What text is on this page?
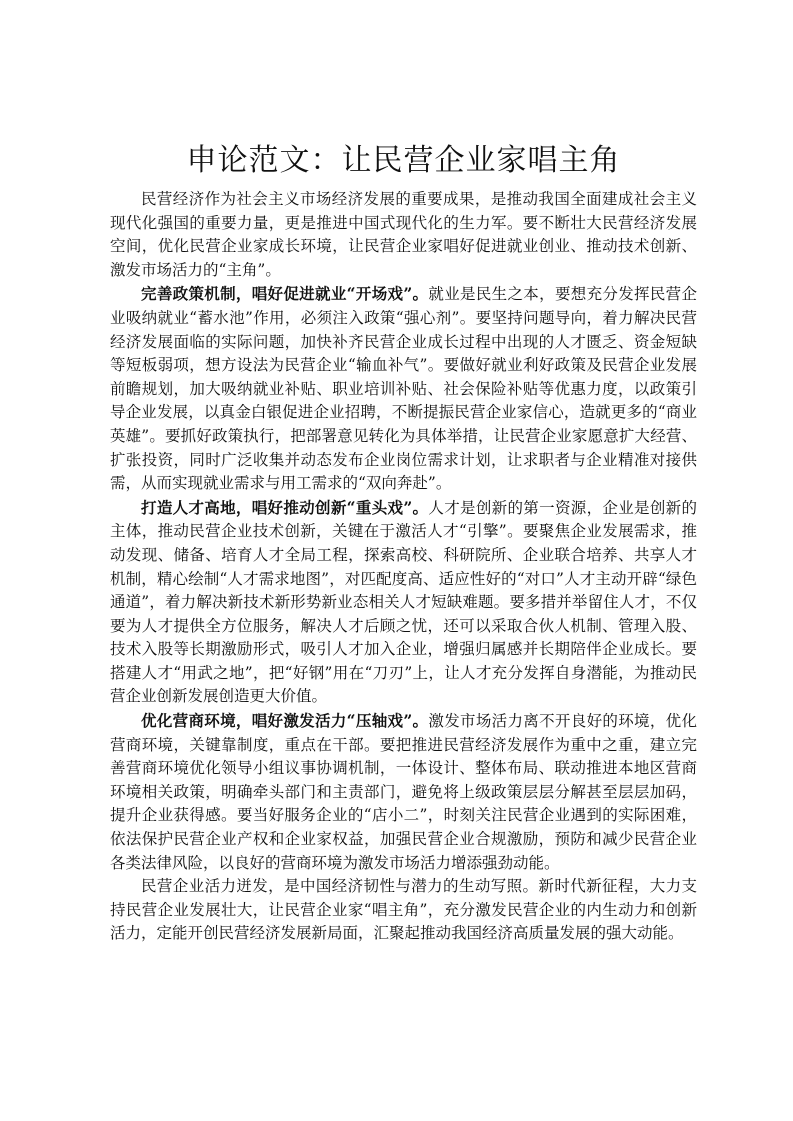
申论范文：让民营企业家唱主角

民营经济作为社会主义市场经济发展的重要成果，是推动我国全面建成社会主义现代化强国的重要力量，更是推进中国式现代化的生力军。要不断壮大民营经济发展空间，优化民营企业家成长环境，让民营企业家唱好促进就业创业、推动技术创新、激发市场活力的“主角”。

完善政策机制，唱好促进就业“开场戏”。就业是民生之本，要想充分发挥民营企业吸纳就业“蓄水池”作用，必须注入政策“强心剂”。要坚持问题导向，着力解决民营经济发展面临的实际问题，加快补齐民营企业成长过程中出现的人才匮乏、资金短缺等短板弱项，想方设法为民营企业“输血补气”。要做好就业利好政策及民营企业发展前瞻规划，加大吸纳就业补贴、职业培训补贴、社会保险补贴等优惠力度，以政策引导企业发展，以真金白银促进企业招聘，不断提振民营企业家信心，造就更多的“商业英雄”。要抓好政策执行，把部署意见转化为具体举措，让民营企业家愿意扩大经营、扩张投资，同时广泛收集并动态发布企业岗位需求计划，让求职者与企业精准对接供需，从而实现就业需求与用工需求的“双向奔赴”。

打造人才高地，唱好推动创新“重头戏”。人才是创新的第一资源，企业是创新的主体，推动民营企业技术创新，关键在于激活人才“引擎”。要聚焦企业发展需求，推动发现、储备、培育人才全局工程，探索高校、科研院所、企业联合培养、共享人才机制，精心绘制“人才需求地图”，对匹配度高、适应性好的“对口”人才主动开辟“绿色通道”，着力解决新技术新形势新业态相关人才短缺难题。要多措并举留住人才，不仅要为人才提供全方位服务，解决人才后顾之忧，还可以采取合伙人机制、管理入股、技术入股等长期激励形式，吸引人才加入企业，增强归属感并长期陪伴企业成长。要搭建人才“用武之地”，把“好钢”用在“刀刃”上，让人才充分发挥自身潜能，为推动民营企业创新发展创造更大价值。

优化营商环境，唱好激发活力“压轴戏”。激发市场活力离不开良好的环境，优化营商环境，关键靠制度，重点在干部。要把推进民营经济发展作为重中之重，建立完善营商环境优化领导小组议事协调机制，一体设计、整体布局、联动推进本地区营商环境相关政策，明确牵头部门和主责部门，避免将上级政策层层分解甚至层层加码，提升企业获得感。要当好服务企业的“店小二”，时刻关注民营企业遇到的实际困难，依法保护民营企业产权和企业家权益，加强民营企业合规激励，预防和减少民营企业各类法律风险，以良好的营商环境为激发市场活力增添强劲动能。

民营企业活力迸发，是中国经济韧性与潜力的生动写照。新时代新征程，大力支持民营企业发展壮大，让民营企业家“唱主角”，充分激发民营企业的内生动力和创新活力，定能开创民营经济发展新局面，汇聚起推动我国经济高质量发展的强大动能。
